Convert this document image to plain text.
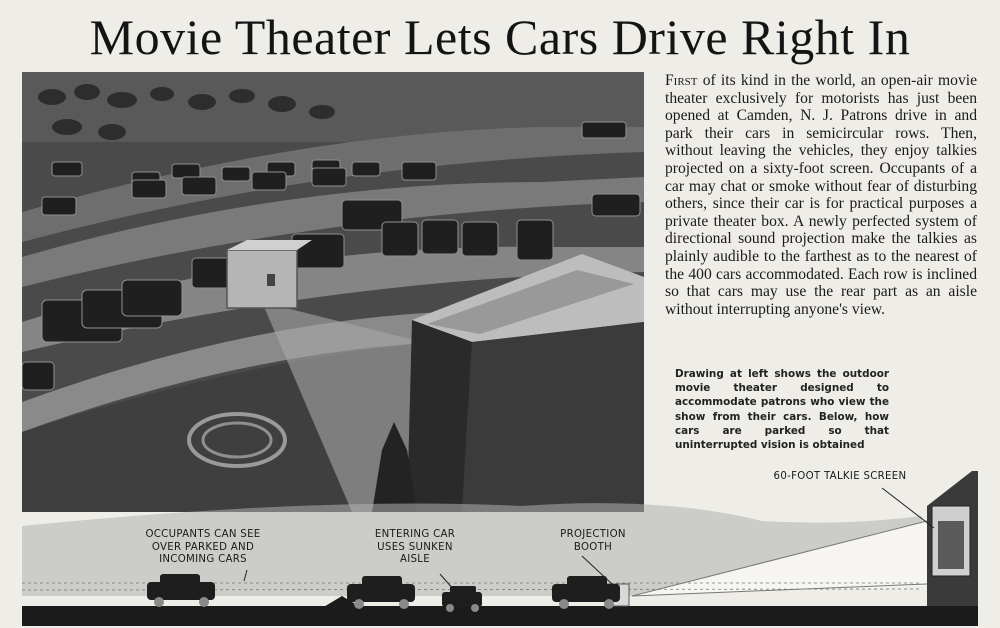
Movie Theater Lets Cars Drive Right In
First of its kind in the world, an open-air movie theater exclusively for motorists has just been opened at Camden, N. J. Patrons drive in and park their cars in semicircular rows. Then, without leaving the vehicles, they enjoy talkies projected on a sixty-foot screen. Occupants of a car may chat or smoke without fear of disturbing others, since their car is for practical purposes a private theater box. A newly perfected system of directional sound projection make the talkies as plainly audible to the farthest as to the nearest of the 400 cars accommodated. Each row is inclined so that cars may use the rear part as an aisle without interrupting anyone's view.
Drawing at left shows the outdoor movie theater designed to accommodate patrons who view the show from their cars. Below, how cars are parked so that uninterrupted vision is obtained
60-FOOT TALKIE SCREEN
OCCUPANTS CAN SEE OVER PARKED AND INCOMING CARS
ENTERING CAR USES SUNKEN AISLE
PROJECTION BOOTH
